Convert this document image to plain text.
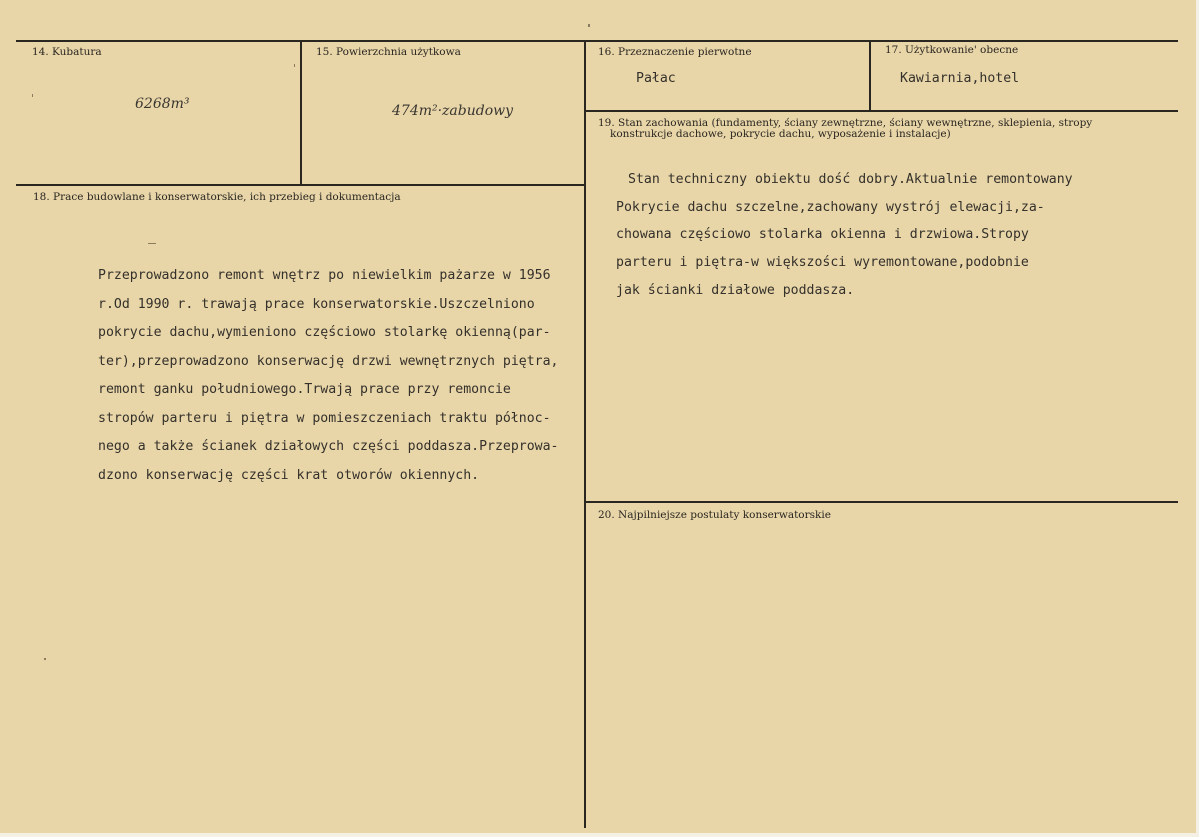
14. Kubatura
6268m³
15. Powierzchnia użytkowa
474m²·zabudowy
16. Przeznaczenie pierwotne
Pałac
17. Użytkowanie' obecne
Kawiarnia,hotel
18. Prace budowlane i konserwatorskie, ich przebieg i dokumentacja
Przeprowadzono remont wnętrz po niewielkim pażarze w 1956
r.Od 1990 r. trawają prace konserwatorskie.Uszczelniono
pokrycie dachu,wymieniono częściowo stolarkę okienną(par-
ter),przeprowadzono konserwację drzwi wewnętrznych piętra,
remont ganku południowego.Trwają prace przy remoncie
stropów parteru i piętra w pomieszczeniach traktu północ-
nego a także ścianek działowych części poddasza.Przeprowa-
dzono konserwację części krat otworów okiennych.
19. Stan zachowania (fundamenty, ściany zewnętrzne, ściany wewnętrzne, sklepienia, stropy
konstrukcje dachowe, pokrycie dachu, wyposażenie i instalacje)
Stan techniczny obiektu dość dobry.Aktualnie remontowany
Pokrycie dachu szczelne,zachowany wystrój elewacji,za-
chowana częściowo stolarka okienna i drzwiowa.Stropy
parteru i piętra-w większości wyremontowane,podobnie
jak ścianki działowe poddasza.
20. Najpilniejsze postulaty konserwatorskie
